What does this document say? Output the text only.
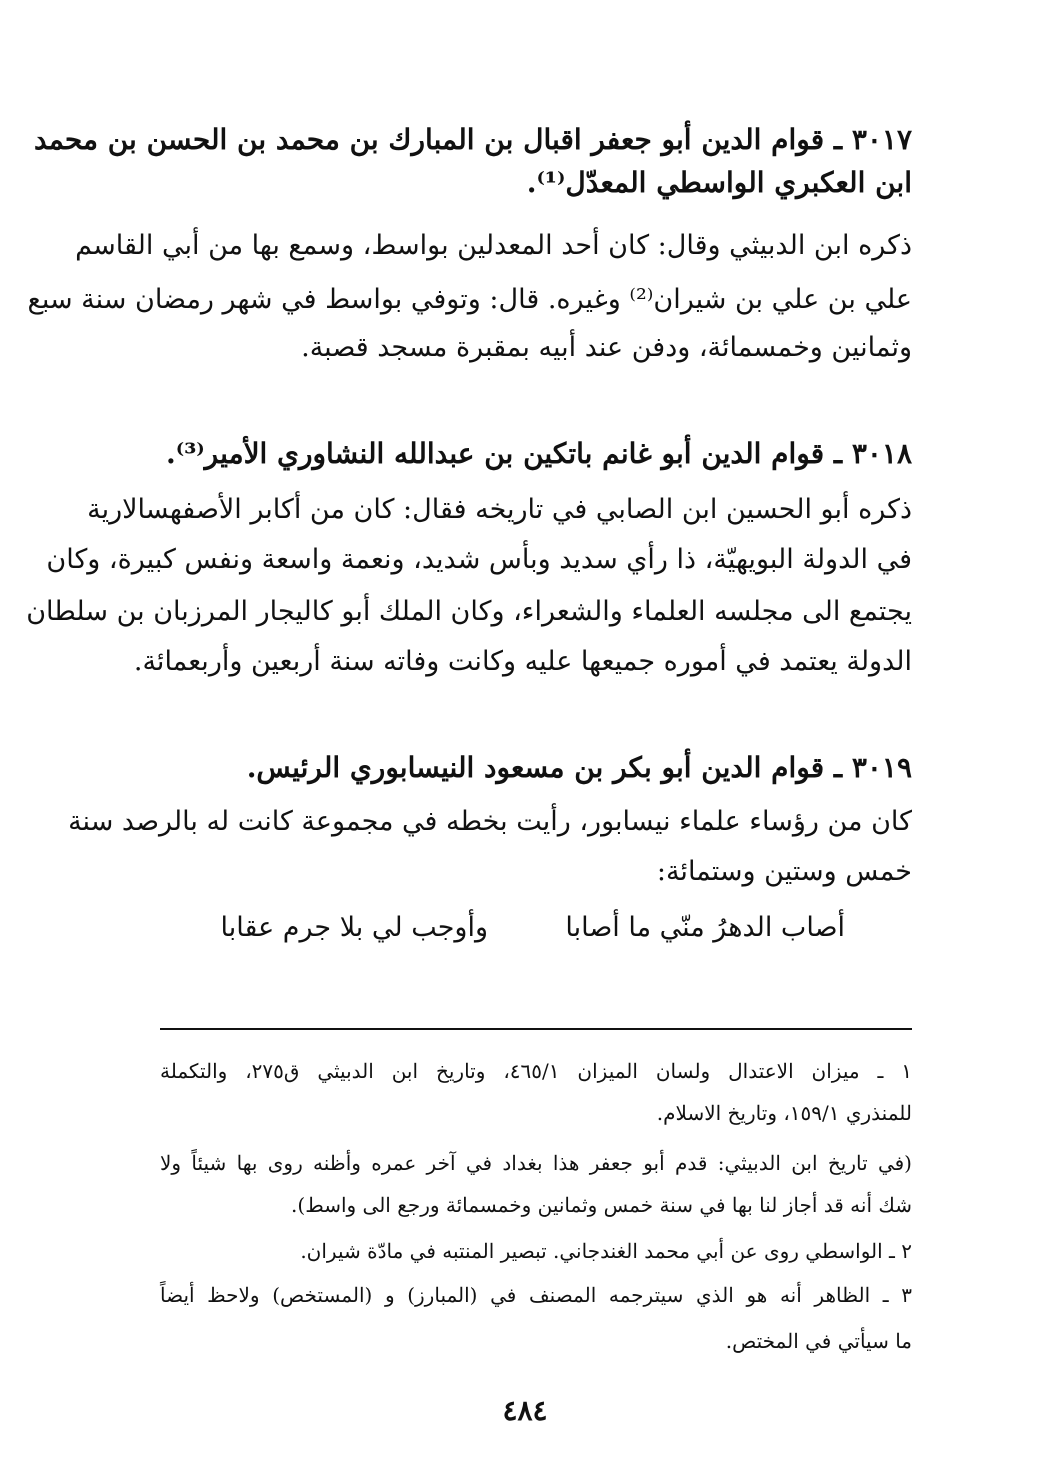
٣٠١٧ ـ قوام الدين أبو جعفر اقبال بن المبارك بن محمد بن الحسن بن محمد

ابن العكبري الواسطي المعدّل⁽¹⁾.

ذكره ابن الدبيثي وقال: كان أحد المعدلين بواسط، وسمع بها من أبي القاسم

علي بن علي بن شيران⁽²⁾ وغيره. قال: وتوفي بواسط في شهر رمضان سنة سبع

وثمانين وخمسمائة، ودفن عند أبيه بمقبرة مسجد قصبة.

٣٠١٨ ـ قوام الدين أبو غانم باتكين بن عبدالله النشاوري الأمير⁽³⁾.

ذكره أبو الحسين ابن الصابي في تاريخه فقال: كان من أكابر الأصفهسالارية

في الدولة البويهيّة، ذا رأي سديد وبأس شديد، ونعمة واسعة ونفس كبيرة، وكان

يجتمع الى مجلسه العلماء والشعراء، وكان الملك أبو كاليجار المرزبان بن سلطان

الدولة يعتمد في أموره جميعها عليه وكانت وفاته سنة أربعين وأربعمائة.

٣٠١٩ ـ قوام الدين أبو بكر بن مسعود النيسابوري الرئيس.

كان من رؤساء علماء نيسابور، رأيت بخطه في مجموعة كانت له بالرصد سنة

خمس وستين وستمائة:

أصاب الدهرُ منّي ما أصابا
وأوجب لي بلا جرم عقابا

١ ـ ميزان الاعتدال ولسان الميزان ٤٦٥/١، وتاريخ ابن الدبيثي ق٢٧٥، والتكملة

للمنذري ١٥٩/١، وتاريخ الاسلام.

(في تاريخ ابن الدبيثي: قدم أبو جعفر هذا بغداد في آخر عمره وأظنه روى بها شيئاً ولا

شك أنه قد أجاز لنا بها في سنة خمس وثمانين وخمسمائة ورجع الى واسط).

٢ ـ الواسطي روى عن أبي محمد الغندجاني. تبصير المنتبه في مادّة شيران.

٣ ـ الظاهر أنه هو الذي سيترجمه المصنف في (المبارز) و (المستخص) ولاحظ أيضاً

ما سيأتي في المختص.

٤٨٤
